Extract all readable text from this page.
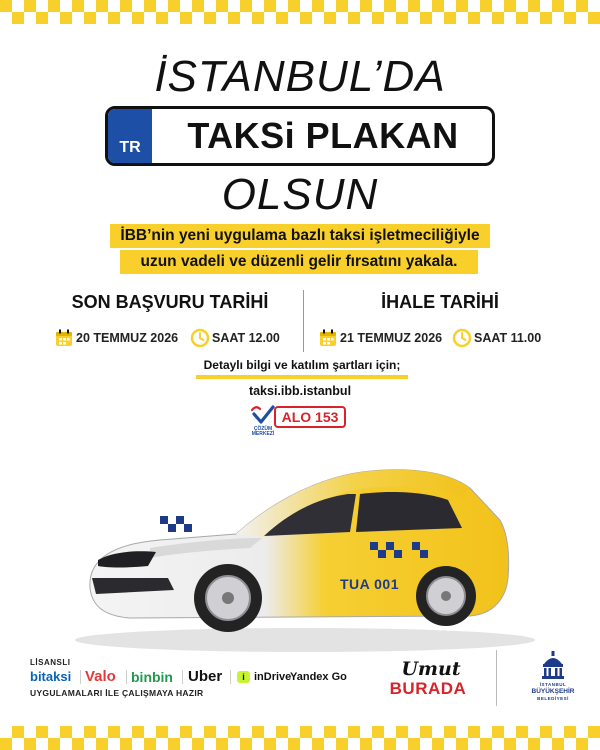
İSTANBUL’DA
TR	TAKSi PLAKAN
OLSUN
İBB’nin yeni uygulama bazlı taksi işletmeciliğiyle
uzun vadeli ve düzenli gelir fırsatını yakala.
SON BAŞVURU TARİHİ	İHALE TARİHİ
20 TEMMUZ 2026	SAAT 12.00	21 TEMMUZ 2026	SAAT 11.00
Detaylı bilgi ve katılım şartları için;
taksi.ibb.istanbul
ÇÖZÜM MERKEZİ
ALO 153
TUA 001
LİSANSLI
bitaksi Valo binbin Uber	i inDrive
Yandex Go
UYGULAMALARI İLE ÇALIŞMAYA HAZIR
Umut
BURADA	İSTANBUL
BÜYÜKŞEHİR
BELEDİYESİ
